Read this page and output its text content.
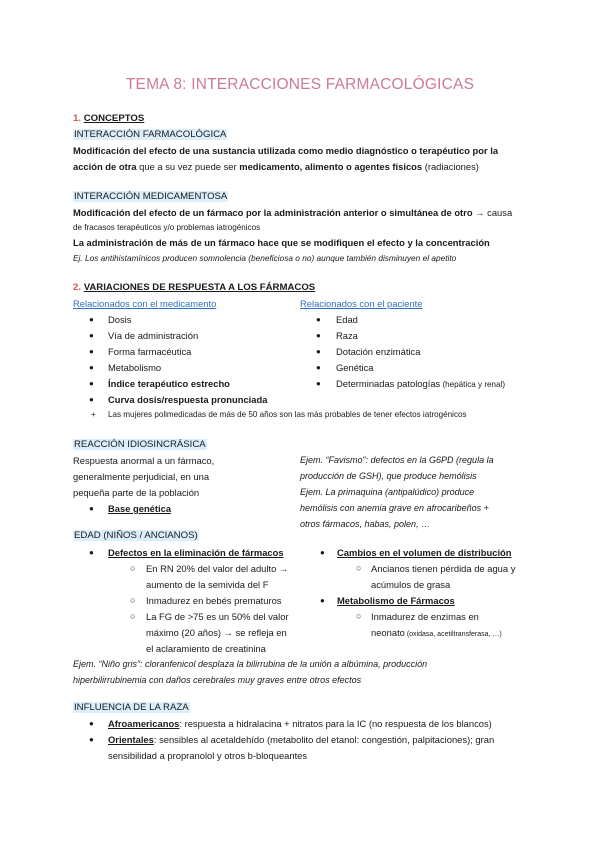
TEMA 8: INTERACCIONES FARMACOLÓGICAS
1. CONCEPTOS
INTERACCIÓN FARMACOLÓGICA
Modificación del efecto de una sustancia utilizada como medio diagnóstico o terapéutico por la
acción de otra que a su vez puede ser medicamento, alimento o agentes físicos (radiaciones)
INTERACCIÓN MEDICAMENTOSA
Modificación del efecto de un fármaco por la administración anterior o simultánea de otro → causa
de fracasos terapéuticos y/o problemas iatrogénicos
La administración de más de un fármaco hace que se modifiquen el efecto y la concentración
Ej. Los antihistamínicos producen somnolencia (beneficiosa o no) aunque también disminuyen el apetito
2. VARIACIONES DE RESPUESTA A LOS FÁRMACOS
Relacionados con el medicamento	Relacionados con el paciente
● Dosis
● Vía de administración
● Forma farmacéutica
● Metabolismo
● Índice terapéutico estrecho
● Curva dosis/respuesta pronunciada
● Edad
● Raza
● Dotación enzimática
● Genética
● Determinadas patologías (hepática y renal)
+ Las mujeres polimedicadas de más de 50 años son las más probables de tener efectos iatrogénicos
REACCIÓN IDIOSINCRÁSICA
Respuesta anormal a un fármaco,
generalmente perjudicial, en una
pequeña parte de la población
● Base genética
Ejem. “Favismo”: defectos en la G6PD (regula la
producción de GSH), que produce hemólisis
Ejem. La primaquina (antipalúdico) produce
hemólisis con anemia grave en afrocaribeños +
otros fármacos, habas, polen, …
EDAD (NIÑOS / ANCIANOS)
● Defectos en la eliminación de fármacos
○ En RN 20% del valor del adulto →
aumento de la semivida del F
○ Inmadurez en bebés prematuros
○ La FG de >75 es un 50% del valor
máximo (20 años) → se refleja en
el aclaramiento de creatinina
● Cambios en el volumen de distribución
○ Ancianos tienen pérdida de agua y
acúmulos de grasa
● Metabolismo de Fármacos
○ Inmadurez de enzimas en
neonato (oxidasa, acetiltransferasa, …)
Ejem. “Niño gris”: cloranfenicol desplaza la bilirrubina de la unión a albúmina, producción
hiperbilirrubinemia con daños cerebrales muy graves entre otros efectos
INFLUENCIA DE LA RAZA
● Afroamericanos: respuesta a hidralacina + nitratos para la IC (no respuesta de los blancos)
● Orientales: sensibles al acetaldehído (metabolito del etanol: congestión, palpitaciones); gran
sensibilidad a propranolol y otros b-bloqueantes
